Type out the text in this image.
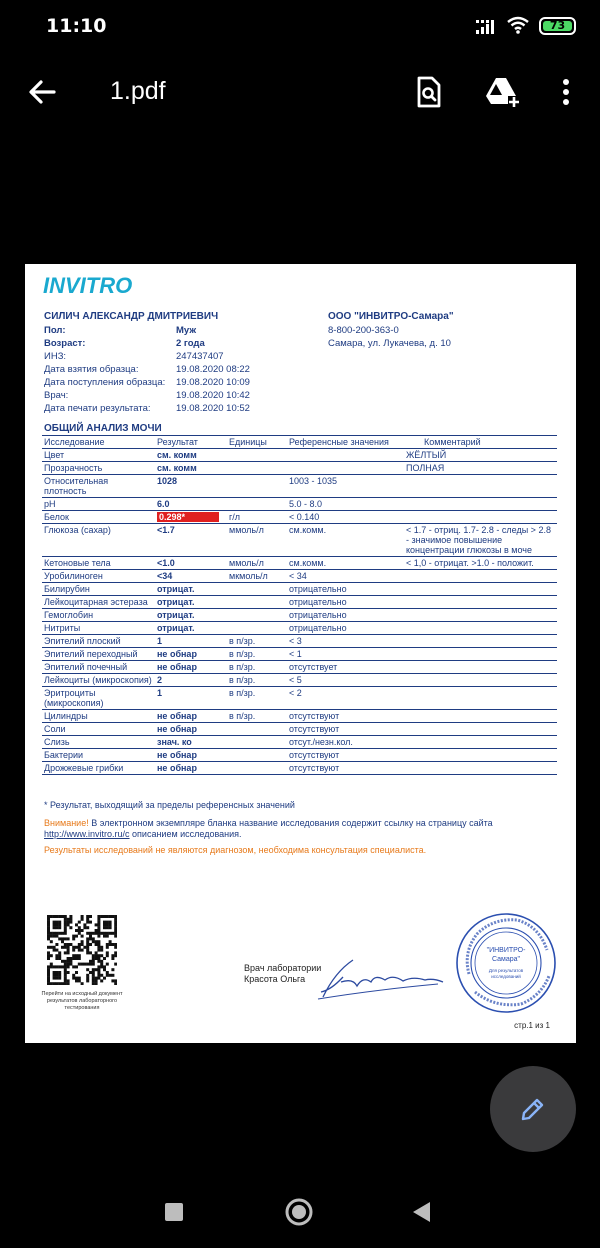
11:10	73
1.pdf
INVITRO
СИЛИЧ АЛЕКСАНДР ДМИТРИЕВИЧ	ООО "ИНВИТРО-Самара"
8-800-200-363-0
Самара, ул. Лукачева, д. 10
Пол:	Муж
Возраст:	2 года
ИНЗ:	247437407
Дата взятия образца:	19.08.2020 08:22
Дата поступления образца: 19.08.2020 10:09
Врач:	19.08.2020 10:42
Дата печати результата:	19.08.2020 10:52
ОБЩИЙ АНАЛИЗ МОЧИ
Исследование	Результат	Единицы	Референсные значения	Комментарий
Цвет	см. комм			ЖЁЛТЫЙ
Прозрачность	см. комм			ПОЛНАЯ
Относительная плотность	1028		1003 - 1035	
pH	6.0		5.0 - 8.0	
Белок	0.298*	г/л	< 0.140	
Глюкоза (сахар)	<1.7	ммоль/л	см.комм.	< 1.7 - отриц. 1.7- 2.8 - следы > 2.8 - значимое повышение концентрации глюкозы в моче
Кетоновые тела	<1.0	ммоль/л	см.комм.	< 1,0 - отрицат. >1.0 - положит.
Уробилиноген	<34	мкмоль/л	< 34	
Билирубин	отрицат.		отрицательно	
Лейкоцитарная эстераза	отрицат.		отрицательно	
Гемоглобин	отрицат.		отрицательно	
Нитриты	отрицат.		отрицательно	
Эпителий плоский	1	в п/зр.	< 3	
Эпителий переходный	не обнар	в п/зр.	< 1	
Эпителий почечный	не обнар	в п/зр.	отсутствует	
Лейкоциты (микроскопия)	2	в п/зр.	< 5	
Эритроциты (микроскопия)	1	в п/зр.	< 2	
Цилиндры	не обнар	в п/зр.	отсутствуют	
Соли	не обнар		отсутствуют	
Слизь	знач. ко		отсут./незн.кол.	
Бактерии	не обнар		отсутствуют	
Дрожжевые грибки	не обнар		отсутствуют	
* Результат, выходящий за пределы референсных значений
Внимание! В электронном экземпляре бланка название исследования содержит ссылку на страницу сайта
http://www.invitro.ru/c описанием исследования.
Результаты исследований не являются диагнозом, необходима консультация специалиста.
Перейти на исходный документ результатов лабораторного тестирования
Врач лаборатории
Красота Ольга
"ИНВИТРО-
Самара"
Для результатов
исследований
стр.1 из 1
